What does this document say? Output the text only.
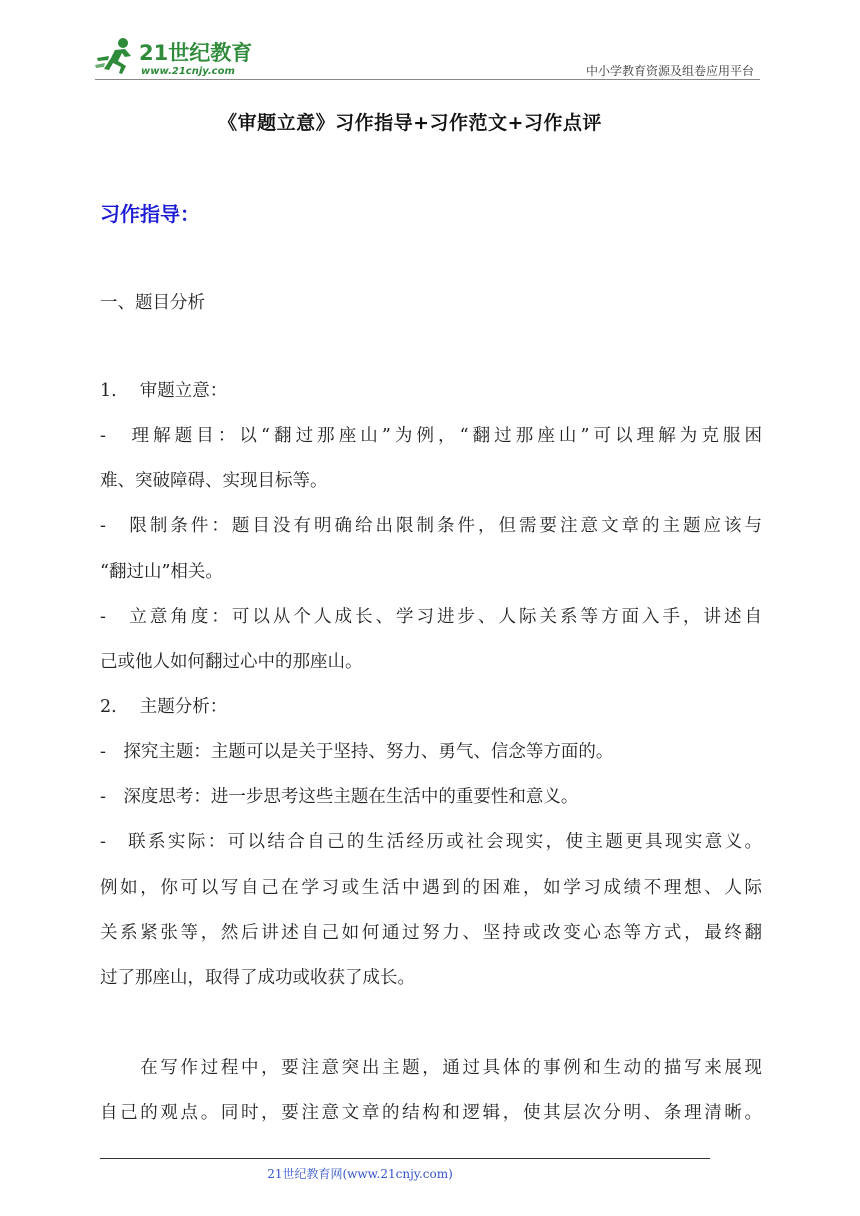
21世纪教育
www.21cnjy.com	中小学教育资源及组卷应用平台
《审题立意》习作指导+习作范文+习作点评
习作指导：
一、题目分析
1.　 审题立意：
-　理解题目：以“翻过那座山”为例，“翻过那座山”可以理解为克服困
难、突破障碍、实现目标等。
-　限制条件：题目没有明确给出限制条件，但需要注意文章的主题应该与
“翻过山”相关。
-　立意角度：可以从个人成长、学习进步、人际关系等方面入手，讲述自
己或他人如何翻过心中的那座山。
2.　 主题分析：
-　探究主题：主题可以是关于坚持、努力、勇气、信念等方面的。
-　深度思考：进一步思考这些主题在生活中的重要性和意义。
-　联系实际：可以结合自己的生活经历或社会现实，使主题更具现实意义。
例如，你可以写自己在学习或生活中遇到的困难，如学习成绩不理想、人际
关系紧张等，然后讲述自己如何通过努力、坚持或改变心态等方式，最终翻
过了那座山，取得了成功或收获了成长。
　　在写作过程中，要注意突出主题，通过具体的事例和生动的描写来展现
自己的观点。同时，要注意文章的结构和逻辑，使其层次分明、条理清晰。
21世纪教育网(www.21cnjy.com)
